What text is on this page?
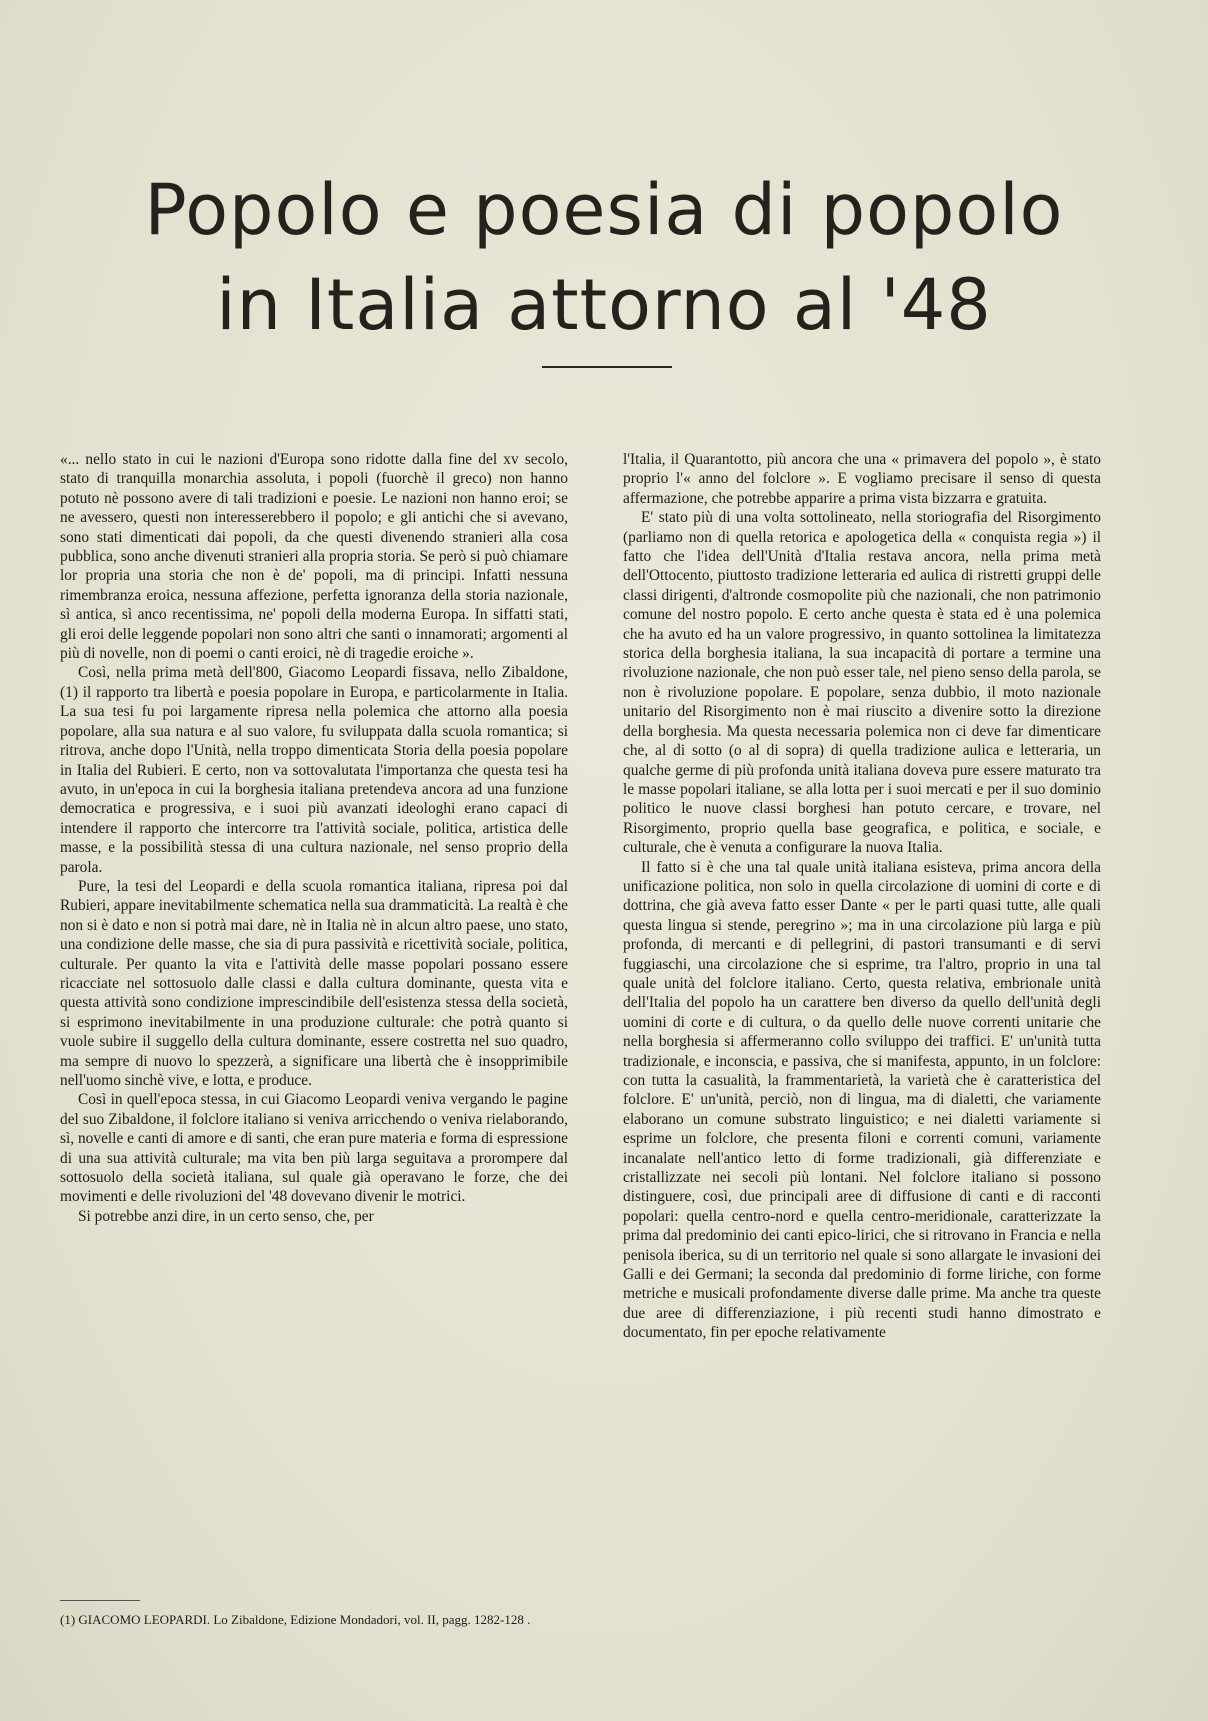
Popolo e poesia di popolo
in Italia attorno al '48

«... nello stato in cui le nazioni d'Europa sono ridotte dalla fine del xv secolo, stato di tranquilla monarchia assoluta, i popoli (fuorchè il greco) non hanno potuto nè possono avere di tali tradizioni e poesie. Le nazioni non hanno eroi; se ne avessero, questi non interesserebbero il popolo; e gli antichi che si avevano, sono stati dimenticati dai popoli, da che questi divenendo stranieri alla cosa pubblica, sono anche divenuti stranieri alla propria storia. Se però si può chiamare lor propria una storia che non è de' popoli, ma di principi. Infatti nessuna rimembranza eroica, nessuna affezione, perfetta ignoranza della storia nazionale, sì antica, sì anco recentissima, ne' popoli della moderna Europa. In siffatti stati, gli eroi delle leggende popolari non sono altri che santi o innamorati; argomenti al più di novelle, non di poemi o canti eroici, nè di tragedie eroiche ».

Così, nella prima metà dell'800, Giacomo Leopardi fissava, nello Zibaldone, (1) il rapporto tra libertà e poesia popolare in Europa, e particolarmente in Italia. La sua tesi fu poi largamente ripresa nella polemica che attorno alla poesia popolare, alla sua natura e al suo valore, fu sviluppata dalla scuola romantica; si ritrova, anche dopo l'Unità, nella troppo dimenticata Storia della poesia popolare in Italia del Rubieri. E certo, non va sottovalutata l'importanza che questa tesi ha avuto, in un'epoca in cui la borghesia italiana pretendeva ancora ad una funzione democratica e progressiva, e i suoi più avanzati ideologhi erano capaci di intendere il rapporto che intercorre tra l'attività sociale, politica, artistica delle masse, e la possibilità stessa di una cultura nazionale, nel senso proprio della parola.

Pure, la tesi del Leopardi e della scuola romantica italiana, ripresa poi dal Rubieri, appare inevitabilmente schematica nella sua drammaticità. La realtà è che non si è dato e non si potrà mai dare, nè in Italia nè in alcun altro paese, uno stato, una condizione delle masse, che sia di pura passività e ricettività sociale, politica, culturale. Per quanto la vita e l'attività delle masse popolari possano essere ricacciate nel sottosuolo dalle classi e dalla cultura dominante, questa vita e questa attività sono condizione imprescindibile dell'esistenza stessa della società, si esprimono inevitabilmente in una produzione culturale: che potrà quanto si vuole subire il suggello della cultura dominante, essere costretta nel suo quadro, ma sempre di nuovo lo spezzerà, a significare una libertà che è insopprimibile nell'uomo sinchè vive, e lotta, e produce.

Così in quell'epoca stessa, in cui Giacomo Leopardi veniva vergando le pagine del suo Zibaldone, il folclore italiano si veniva arricchendo o veniva rielaborando, sì, novelle e canti di amore e di santi, che eran pure materia e forma di espressione di una sua attività culturale; ma vita ben più larga seguitava a prorompere dal sottosuolo della società italiana, sul quale già operavano le forze, che dei movimenti e delle rivoluzioni del '48 dovevano divenir le motrici.

Si potrebbe anzi dire, in un certo senso, che, per

l'Italia, il Quarantotto, più ancora che una « primavera del popolo », è stato proprio l'« anno del folclore ». E vogliamo precisare il senso di questa affermazione, che potrebbe apparire a prima vista bizzarra e gratuita.

E' stato più di una volta sottolineato, nella storiografia del Risorgimento (parliamo non di quella retorica e apologetica della « conquista regia ») il fatto che l'idea dell'Unità d'Italia restava ancora, nella prima metà dell'Ottocento, piuttosto tradizione letteraria ed aulica di ristretti gruppi delle classi dirigenti, d'altronde cosmopolite più che nazionali, che non patrimonio comune del nostro popolo. E certo anche questa è stata ed è una polemica che ha avuto ed ha un valore progressivo, in quanto sottolinea la limitatezza storica della borghesia italiana, la sua incapacità di portare a termine una rivoluzione nazionale, che non può esser tale, nel pieno senso della parola, se non è rivoluzione popolare. E popolare, senza dubbio, il moto nazionale unitario del Risorgimento non è mai riuscito a divenire sotto la direzione della borghesia. Ma questa necessaria polemica non ci deve far dimenticare che, al di sotto (o al di sopra) di quella tradizione aulica e letteraria, un qualche germe di più profonda unità italiana doveva pure essere maturato tra le masse popolari italiane, se alla lotta per i suoi mercati e per il suo dominio politico le nuove classi borghesi han potuto cercare, e trovare, nel Risorgimento, proprio quella base geografica, e politica, e sociale, e culturale, che è venuta a configurare la nuova Italia.

Il fatto si è che una tal quale unità italiana esisteva, prima ancora della unificazione politica, non solo in quella circolazione di uomini di corte e di dottrina, che già aveva fatto esser Dante « per le parti quasi tutte, alle quali questa lingua si stende, peregrino »; ma in una circolazione più larga e più profonda, di mercanti e di pellegrini, di pastori transumanti e di servi fuggiaschi, una circolazione che si esprime, tra l'altro, proprio in una tal quale unità del folclore italiano. Certo, questa relativa, embrionale unità dell'Italia del popolo ha un carattere ben diverso da quello dell'unità degli uomini di corte e di cultura, o da quello delle nuove correnti unitarie che nella borghesia si affermeranno collo sviluppo dei traffici. E' un'unità tutta tradizionale, e inconscia, e passiva, che si manifesta, appunto, in un folclore: con tutta la casualità, la frammentarietà, la varietà che è caratteristica del folclore. E' un'unità, perciò, non di lingua, ma di dialetti, che variamente elaborano un comune substrato linguistico; e nei dialetti variamente si esprime un folclore, che presenta filoni e correnti comuni, variamente incanalate nell'antico letto di forme tradizionali, già differenziate e cristallizzate nei secoli più lontani. Nel folclore italiano si possono distinguere, così, due principali aree di diffusione di canti e di racconti popolari: quella centro-nord e quella centro-meridionale, caratterizzate la prima dal predominio dei canti epico-lirici, che si ritrovano in Francia e nella penisola iberica, su di un territorio nel quale si sono allargate le invasioni dei Galli e dei Germani; la seconda dal predominio di forme liriche, con forme metriche e musicali profondamente diverse dalle prime. Ma anche tra queste due aree di differenziazione, i più recenti studi hanno dimostrato e documentato, fin per epoche relativamente

(1) GIACOMO LEOPARDI. Lo Zibaldone, Edizione Mondadori, vol. II, pagg. 1282-128 .
